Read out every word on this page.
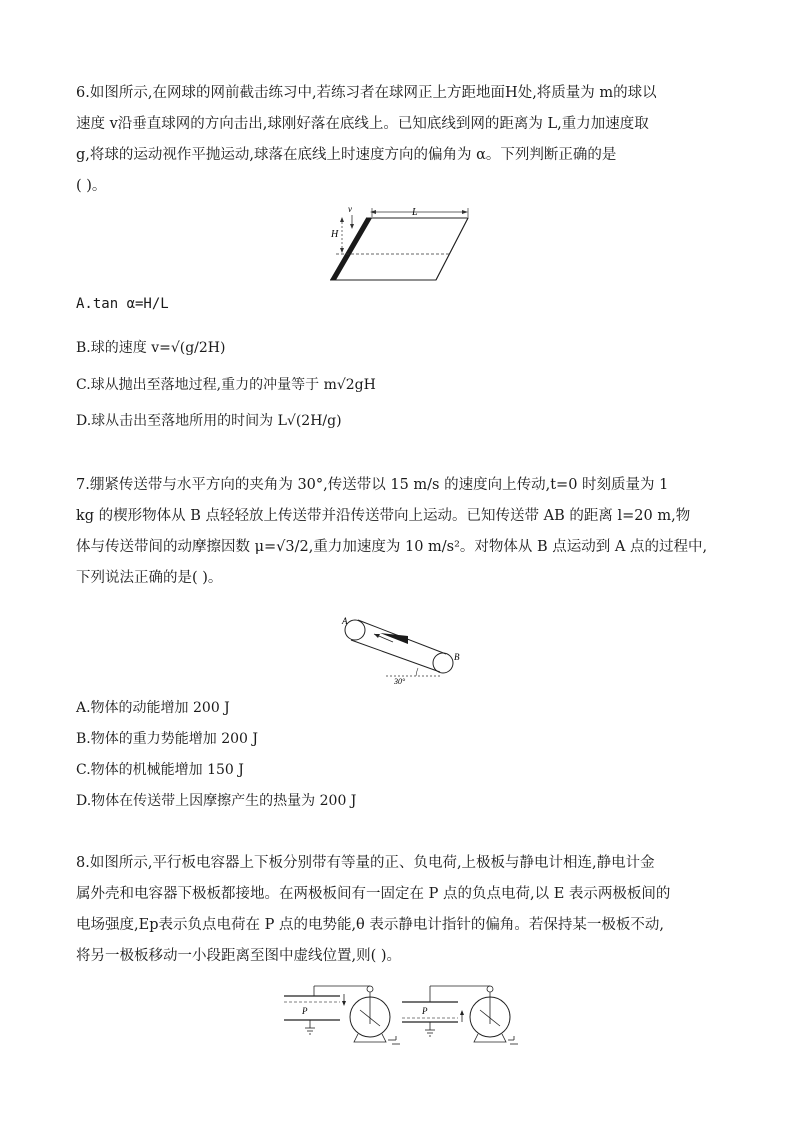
6.如图所示,在网球的网前截击练习中,若练习者在球网正上方距地面H处,将质量为 m的球以
速度 v沿垂直球网的方向击出,球刚好落在底线上。已知底线到网的距离为 L,重力加速度取
g,将球的运动视作平抛运动,球落在底线上时速度方向的偏角为 α。下列判断正确的是
( )。
H
v	L
A.tan α=H/L
B.球的速度 v=√(g/2H)
C.球从抛出至落地过程,重力的冲量等于 m√2gH
D.球从击出至落地所用的时间为 L√(2H/g)
7.绷紧传送带与水平方向的夹角为 30°,传送带以 15 m/s 的速度向上传动,t=0 时刻质量为 1
kg 的楔形物体从 B 点轻轻放上传送带并沿传送带向上运动。已知传送带 AB 的距离 l=20 m,物
体与传送带间的动摩擦因数 μ=√3/2,重力加速度为 10 m/s²。对物体从 B 点运动到 A 点的过程中,
下列说法正确的是( )。
A
B
30°
A.物体的动能增加 200 J
B.物体的重力势能增加 200 J
C.物体的机械能增加 150 J
D.物体在传送带上因摩擦产生的热量为 200 J
8.如图所示,平行板电容器上下板分别带有等量的正、负电荷,上极板与静电计相连,静电计金
属外壳和电容器下极板都接地。在两极板间有一固定在 P 点的负点电荷,以 E 表示两极板间的
电场强度,Ep表示负点电荷在 P 点的电势能,θ 表示静电计指针的偏角。若保持某一极板不动,
将另一极板移动一小段距离至图中虚线位置,则( )。
P	P
